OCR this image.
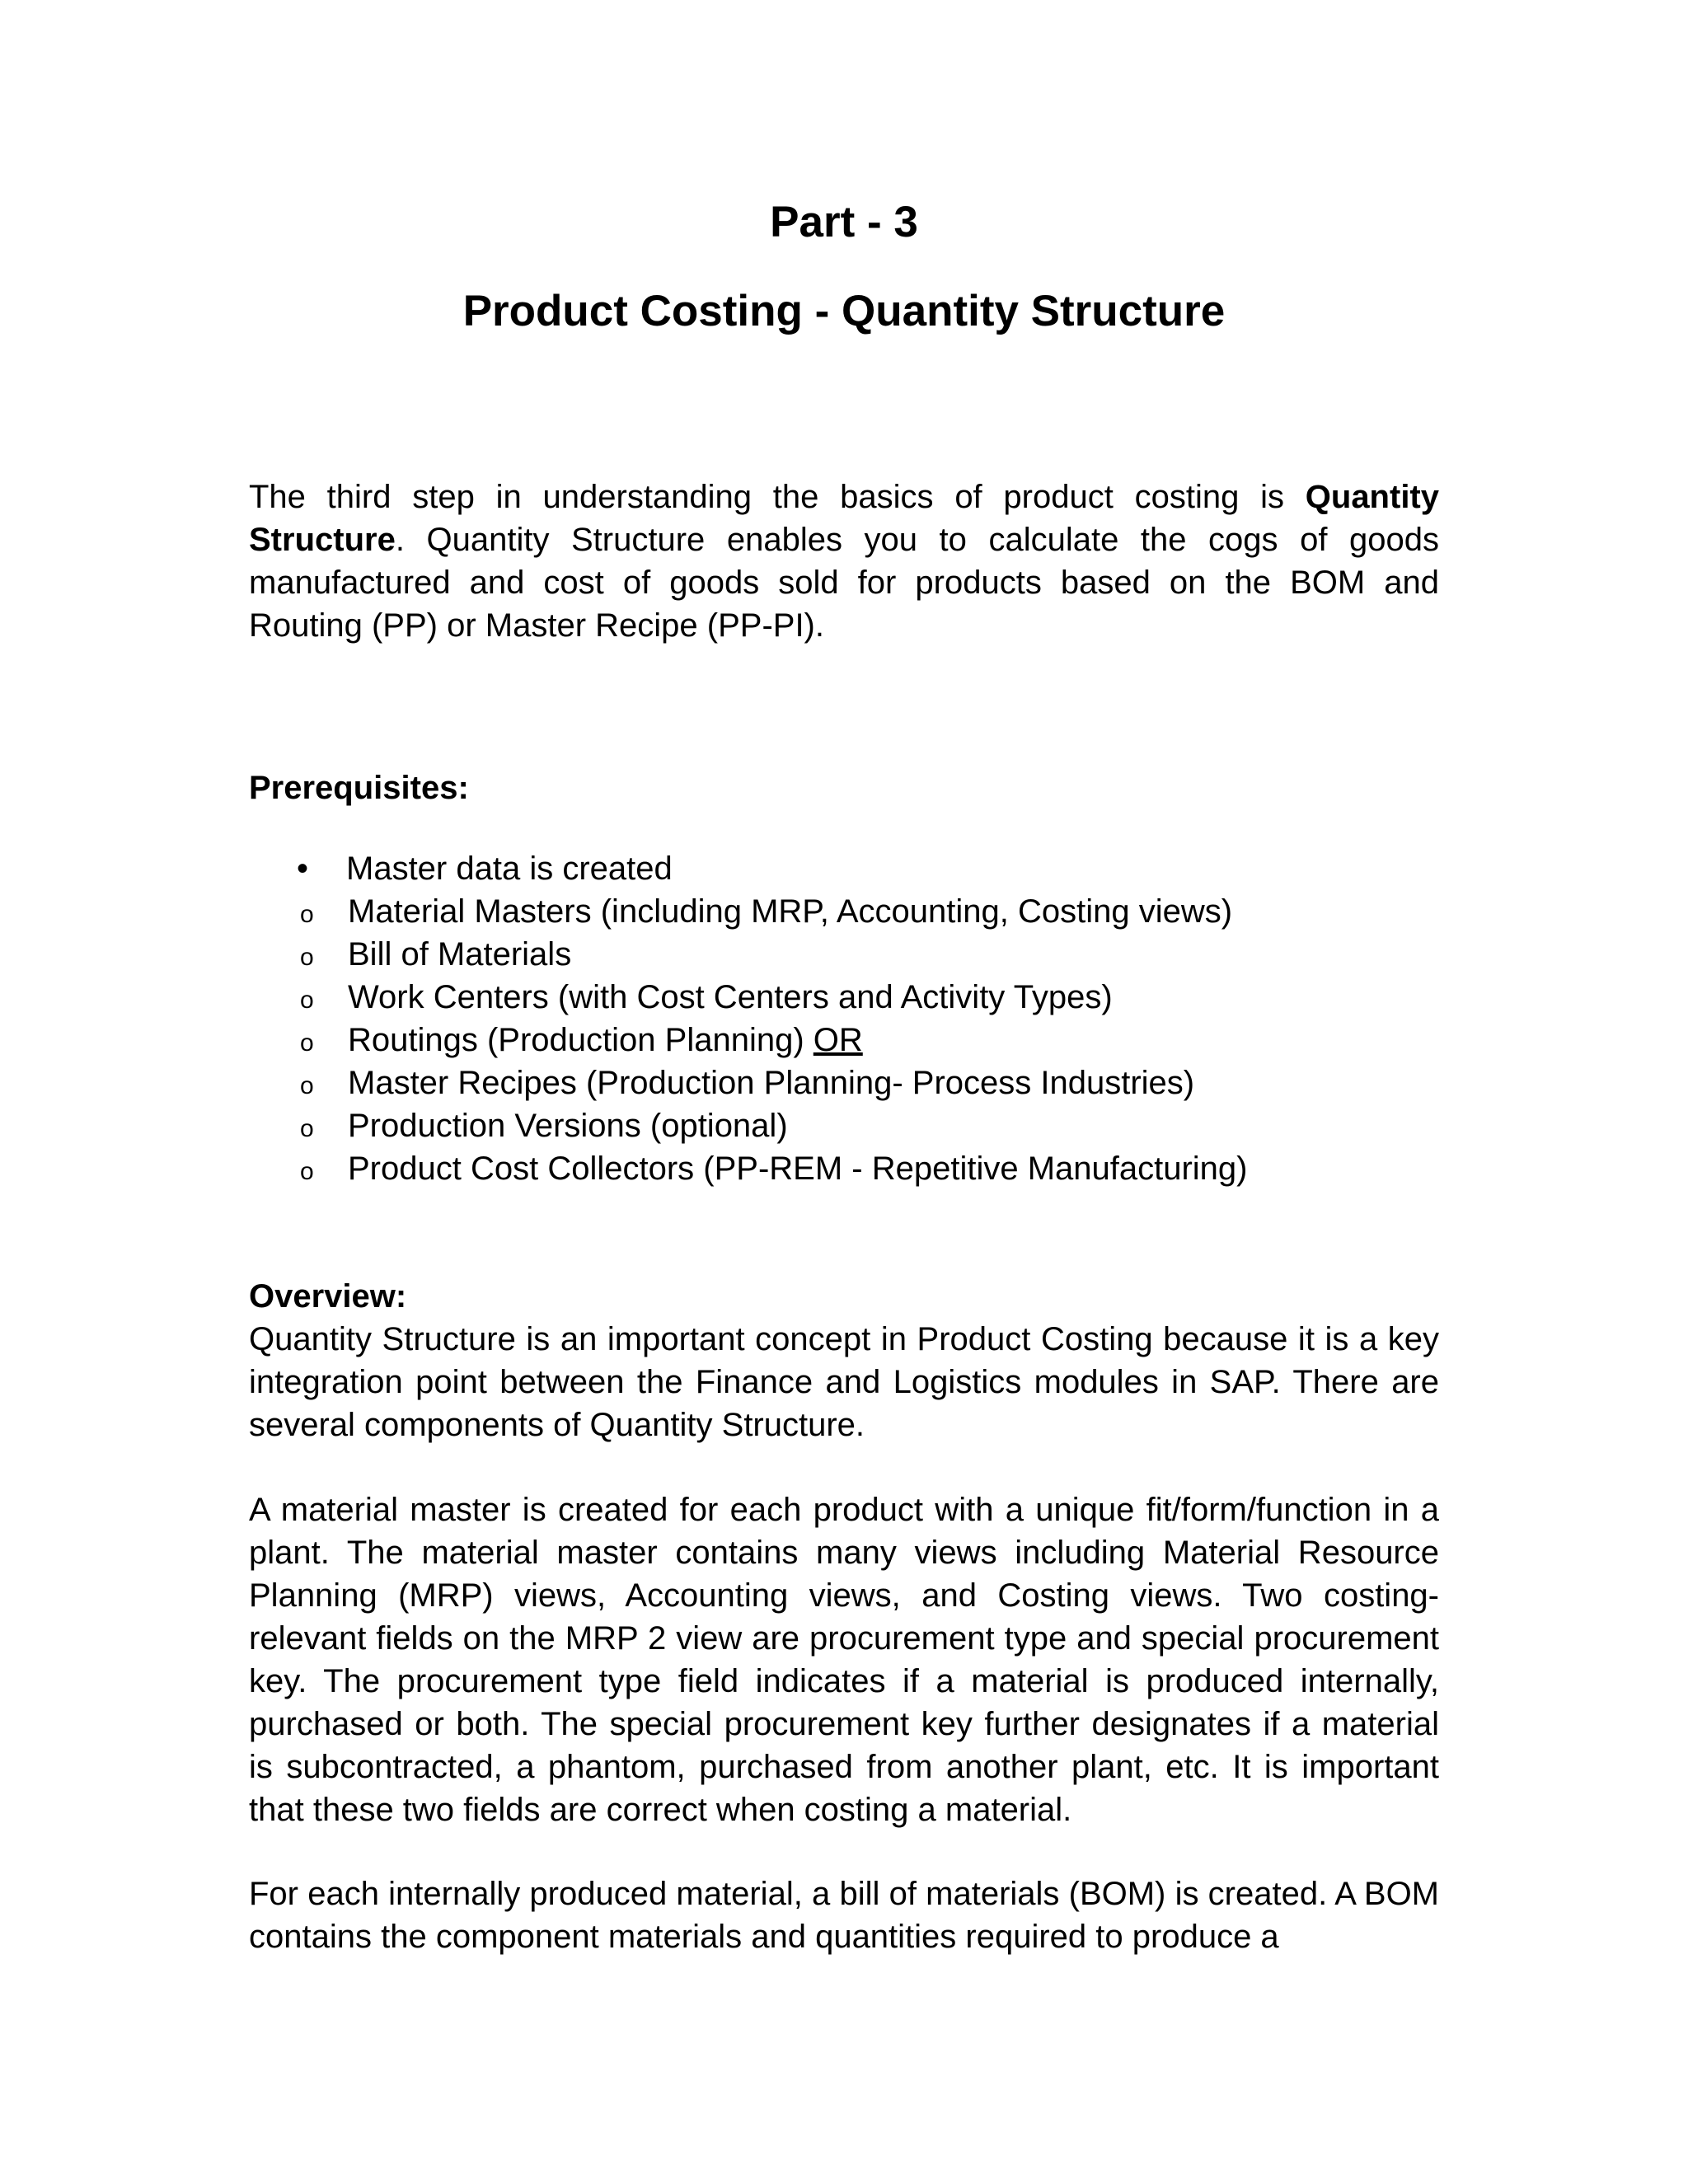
Part - 3
Product Costing - Quantity Structure

The third step in understanding the basics of product costing is Quantity Structure. Quantity Structure enables you to calculate the cogs of goods manufactured and cost of goods sold for products based on the BOM and Routing (PP) or Master Recipe (PP-PI).

Prerequisites:

• Master data is created
o Material Masters (including MRP, Accounting, Costing views)
o Bill of Materials
o Work Centers (with Cost Centers and Activity Types)
o Routings (Production Planning) OR
o Master Recipes (Production Planning- Process Industries)
o Production Versions (optional)
o Product Cost Collectors (PP-REM - Repetitive Manufacturing)

Overview:

Quantity Structure is an important concept in Product Costing because it is a key integration point between the Finance and Logistics modules in SAP. There are several components of Quantity Structure.

A material master is created for each product with a unique fit/form/function in a plant. The material master contains many views including Material Resource Planning (MRP) views, Accounting views, and Costing views. Two costing-relevant fields on the MRP 2 view are procurement type and special procurement key. The procurement type field indicates if a material is produced internally, purchased or both. The special procurement key further designates if a material is subcontracted, a phantom, purchased from another plant, etc. It is important that these two fields are correct when costing a material.

For each internally produced material, a bill of materials (BOM) is created. A BOM contains the component materials and quantities required to produce a
